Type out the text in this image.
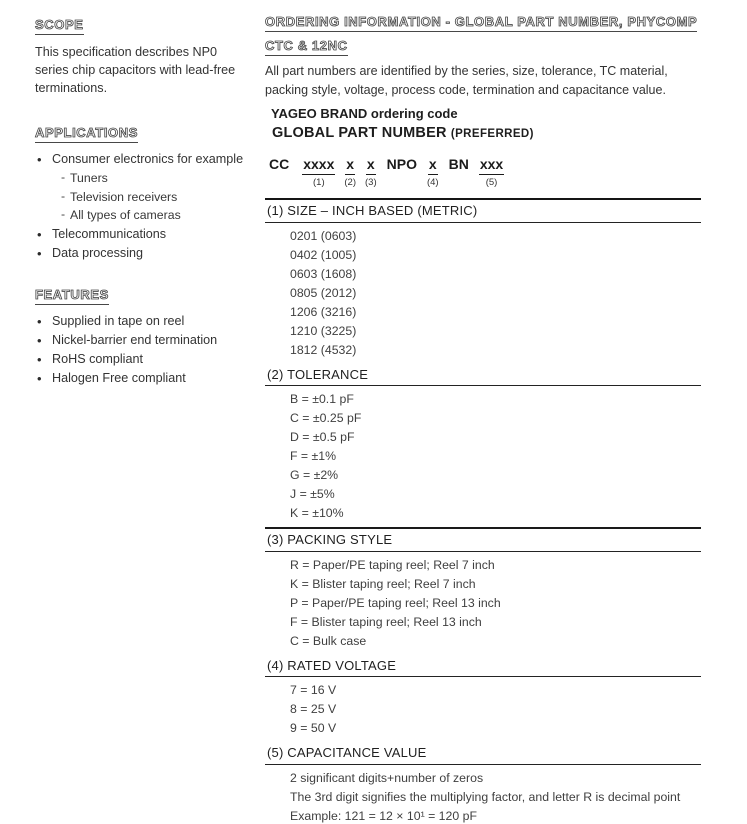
SCOPE

This specification describes NP0 series chip capacitors with lead-free terminations.

APPLICATIONS
• Consumer electronics for example
- Tuners
- Television receivers
- All types of cameras
• Telecommunications
• Data processing
FEATURES
• Supplied in tape on reel
• Nickel-barrier end termination
• RoHS compliant
• Halogen Free compliant
ORDERING INFORMATION - GLOBAL PART NUMBER, PHYCOMP
CTC & 12NC

All part numbers are identified by the series, size, tolerance, TC material, packing style, voltage, process code, termination and capacitance value.

YAGEO BRAND ordering code

GLOBAL PART NUMBER (PREFERRED)

CC xxxx
(1)
x
(2)
x
(3)
NPO x
(4)
BN xxx
(5)
(1) SIZE – INCH BASED (METRIC)
0201 (0603)
0402 (1005)
0603 (1608)
0805 (2012)
1206 (3216)
1210 (3225)
1812 (4532)
(2) TOLERANCE
B = ±0.1 pF
C = ±0.25 pF
D = ±0.5 pF
F = ±1%
G = ±2%
J = ±5%
K = ±10%
(3) PACKING STYLE
R = Paper/PE taping reel; Reel 7 inch
K = Blister taping reel; Reel 7 inch
P = Paper/PE taping reel; Reel 13 inch
F = Blister taping reel; Reel 13 inch
C = Bulk case
(4) RATED VOLTAGE
7 = 16 V
8 = 25 V
9 = 50 V
(5) CAPACITANCE VALUE
2 significant digits+number of zeros
The 3rd digit signifies the multiplying factor, and letter R is decimal point
Example: 121 = 12 × 10¹ = 120 pF
